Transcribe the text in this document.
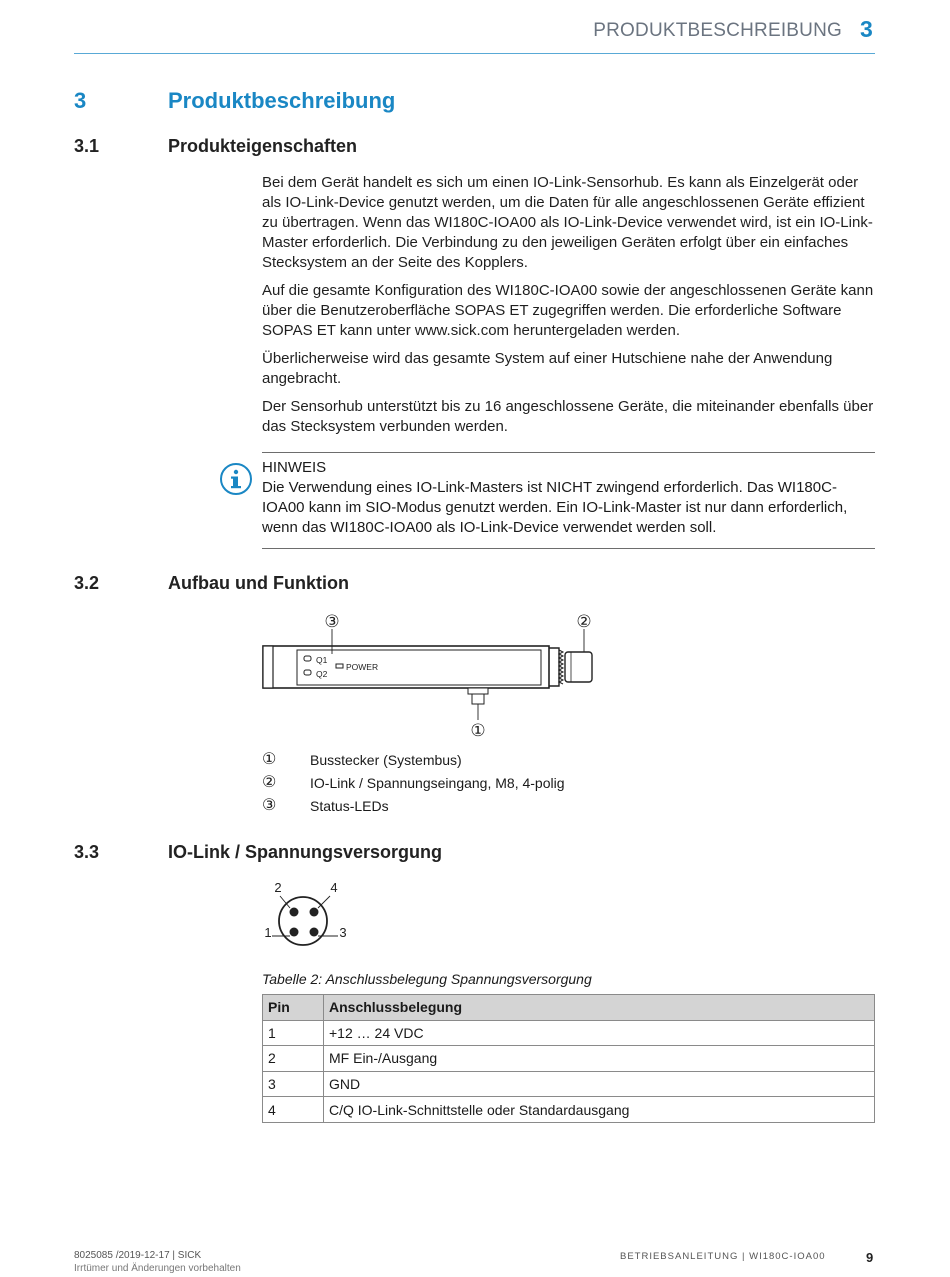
PRODUKTBESCHREIBUNG 3
3	Produktbeschreibung
3.1	Produkteigenschaften

Bei dem Gerät handelt es sich um einen IO-Link-Sensorhub. Es kann als Einzelgerät oder als IO-Link-Device genutzt werden, um die Daten für alle angeschlossenen Geräte effizient zu übertragen. Wenn das WI180C-IOA00 als IO-Link-Device verwendet wird, ist ein IO-Link-Master erforderlich. Die Verbindung zu den jeweiligen Geräten erfolgt über ein einfaches Stecksystem an der Seite des Kopplers.

Auf die gesamte Konfiguration des WI180C-IOA00 sowie der angeschlossenen Geräte kann über die Benutzeroberfläche SOPAS ET zugegriffen werden. Die erforderliche Software SOPAS ET kann unter www.sick.com heruntergeladen werden.

Überlicherweise wird das gesamte System auf einer Hutschiene nahe der Anwendung angebracht.

Der Sensorhub unterstützt bis zu 16 angeschlossene Geräte, die miteinander ebenfalls über das Stecksystem verbunden werden.

HINWEIS
Die Verwendung eines IO-Link-Masters ist NICHT zwingend erforderlich. Das WI180C-IOA00 kann im SIO-Modus genutzt werden. Ein IO-Link-Master ist nur dann erforderlich, wenn das WI180C-IOA00 als IO-Link-Device verwendet werden soll.
3.2	Aufbau und Funktion
Q1
Q2
POWER
③	②
①
① Busstecker (Systembus)
② IO-Link / Spannungseingang, M8, 4-polig
③ Status-LEDs
3.3	IO-Link / Spannungsversorgung
2	4
1	3
Tabelle 2: Anschlussbelegung Spannungsversorgung
Pin	Anschlussbelegung
1	+12 … 24 VDC
2	MF Ein-/Ausgang
3	GND
4	C/Q IO-Link-Schnittstelle oder Standardausgang
8025085 /2019-12-17 | SICK
Irrtümer und Änderungen vorbehalten
BETRIEBSANLEITUNG | WI180C-IOA00	9
